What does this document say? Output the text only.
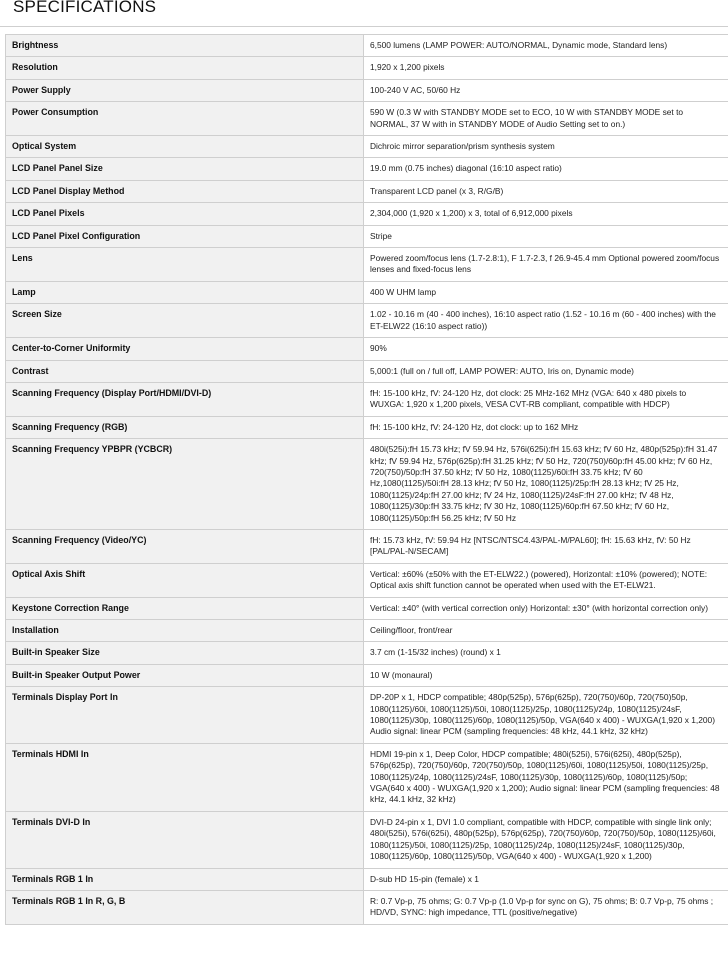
SPECIFICATIONS
Brightness	6,500 lumens (LAMP POWER: AUTO/NORMAL, Dynamic mode, Standard lens)
Resolution	1,920 x 1,200 pixels
Power Supply	100-240 V AC, 50/60 Hz
Power Consumption	590 W (0.3 W with STANDBY MODE set to ECO, 10 W with STANDBY MODE set to NORMAL, 37 W with in STANDBY MODE of Audio Setting set to on.)
Optical System	Dichroic mirror separation/prism synthesis system
LCD Panel Panel Size	19.0 mm (0.75 inches) diagonal (16:10 aspect ratio)
LCD Panel Display Method	Transparent LCD panel (x 3, R/G/B)
LCD Panel Pixels	2,304,000 (1,920 x 1,200) x 3, total of 6,912,000 pixels
LCD Panel Pixel Configuration	Stripe
Lens	Powered zoom/focus lens (1.7-2.8:1), F 1.7-2.3, f 26.9-45.4 mm Optional powered zoom/focus lenses and fixed-focus lens
Lamp	400 W UHM lamp
Screen Size	1.02 - 10.16 m (40 - 400 inches), 16:10 aspect ratio (1.52 - 10.16 m (60 - 400 inches) with the ET-ELW22 (16:10 aspect ratio))
Center-to-Corner Uniformity	90%
Contrast	5,000:1 (full on / full off, LAMP POWER: AUTO, Iris on, Dynamic mode)
Scanning Frequency (Display Port/HDMI/DVI-D)	fH: 15-100 kHz, fV: 24-120 Hz, dot clock: 25 MHz-162 MHz (VGA: 640 x 480 pixels to WUXGA: 1,920 x 1,200 pixels, VESA CVT-RB compliant, compatible with HDCP)
Scanning Frequency (RGB)	fH: 15-100 kHz, fV: 24-120 Hz, dot clock: up to 162 MHz
Scanning Frequency YPBPR (YCBCR)	480i(525i):fH 15.73 kHz; fV 59.94 Hz, 576i(625i):fH 15.63 kHz; fV 60 Hz, 480p(525p):fH 31.47 kHz; fV 59.94 Hz, 576p(625p):fH 31.25 kHz; fV 50 Hz, 720(750)/60p:fH 45.00 kHz; fV 60 Hz, 720(750)/50p:fH 37.50 kHz; fV 50 Hz, 1080(1125)/60i:fH 33.75 kHz; fV 60 Hz,1080(1125)/50i:fH 28.13 kHz; fV 50 Hz, 1080(1125)/25p:fH 28.13 kHz; fV 25 Hz, 1080(1125)/24p:fH 27.00 kHz; fV 24 Hz, 1080(1125)/24sF:fH 27.00 kHz; fV 48 Hz, 1080(1125)/30p:fH 33.75 kHz; fV 30 Hz, 1080(1125)/60p:fH 67.50 kHz; fV 60 Hz, 1080(1125)/50p:fH 56.25 kHz; fV 50 Hz
Scanning Frequency (Video/YC)	fH: 15.73 kHz, fV: 59.94 Hz [NTSC/NTSC4.43/PAL-M/PAL60]; fH: 15.63 kHz, fV: 50 Hz [PAL/PAL-N/SECAM]
Optical Axis Shift	Vertical: ±60% (±50% with the ET-ELW22.) (powered), Horizontal: ±10% (powered); NOTE: Optical axis shift function cannot be operated when used with the ET-ELW21.
Keystone Correction Range	Vertical: ±40° (with vertical correction only) Horizontal: ±30° (with horizontal correction only)
Installation	Ceiling/floor, front/rear
Built-in Speaker Size	3.7 cm (1-15/32 inches) (round) x 1
Built-in Speaker Output Power	10 W (monaural)
Terminals Display Port In	DP-20P x 1, HDCP compatible; 480p(525p), 576p(625p), 720(750)/60p, 720(750)50p, 1080(1125)/60i, 1080(1125)/50i, 1080(1125)/25p, 1080(1125)/24p, 1080(1125)/24sF, 1080(1125)/30p, 1080(1125)/60p, 1080(1125)/50p, VGA(640 x 400) - WUXGA(1,920 x 1,200) Audio signal: linear PCM (sampling frequencies: 48 kHz, 44.1 kHz, 32 kHz)
Terminals HDMI In	HDMI 19-pin x 1, Deep Color, HDCP compatible; 480i(525i), 576i(625i), 480p(525p), 576p(625p), 720(750)/60p, 720(750)/50p, 1080(1125)/60i, 1080(1125)/50i, 1080(1125)/25p, 1080(1125)/24p, 1080(1125)/24sF, 1080(1125)/30p, 1080(1125)/60p, 1080(1125)/50p; VGA(640 x 400) - WUXGA(1,920 x 1,200); Audio signal: linear PCM (sampling frequencies: 48 kHz, 44.1 kHz, 32 kHz)
Terminals DVI-D In	DVI-D 24-pin x 1, DVI 1.0 compliant, compatible with HDCP, compatible with single link only; 480i(525i), 576i(625i), 480p(525p), 576p(625p), 720(750)/60p, 720(750)/50p, 1080(1125)/60i, 1080(1125)/50i, 1080(1125)/25p, 1080(1125)/24p, 1080(1125)/24sF, 1080(1125)/30p, 1080(1125)/60p, 1080(1125)/50p, VGA(640 x 400) - WUXGA(1,920 x 1,200)
Terminals RGB 1 In	D-sub HD 15-pin (female) x 1
Terminals RGB 1 In R, G, B	R: 0.7 Vp-p, 75 ohms; G: 0.7 Vp-p (1.0 Vp-p for sync on G), 75 ohms; B: 0.7 Vp-p, 75 ohms ; HD/VD, SYNC: high impedance, TTL (positive/negative)
